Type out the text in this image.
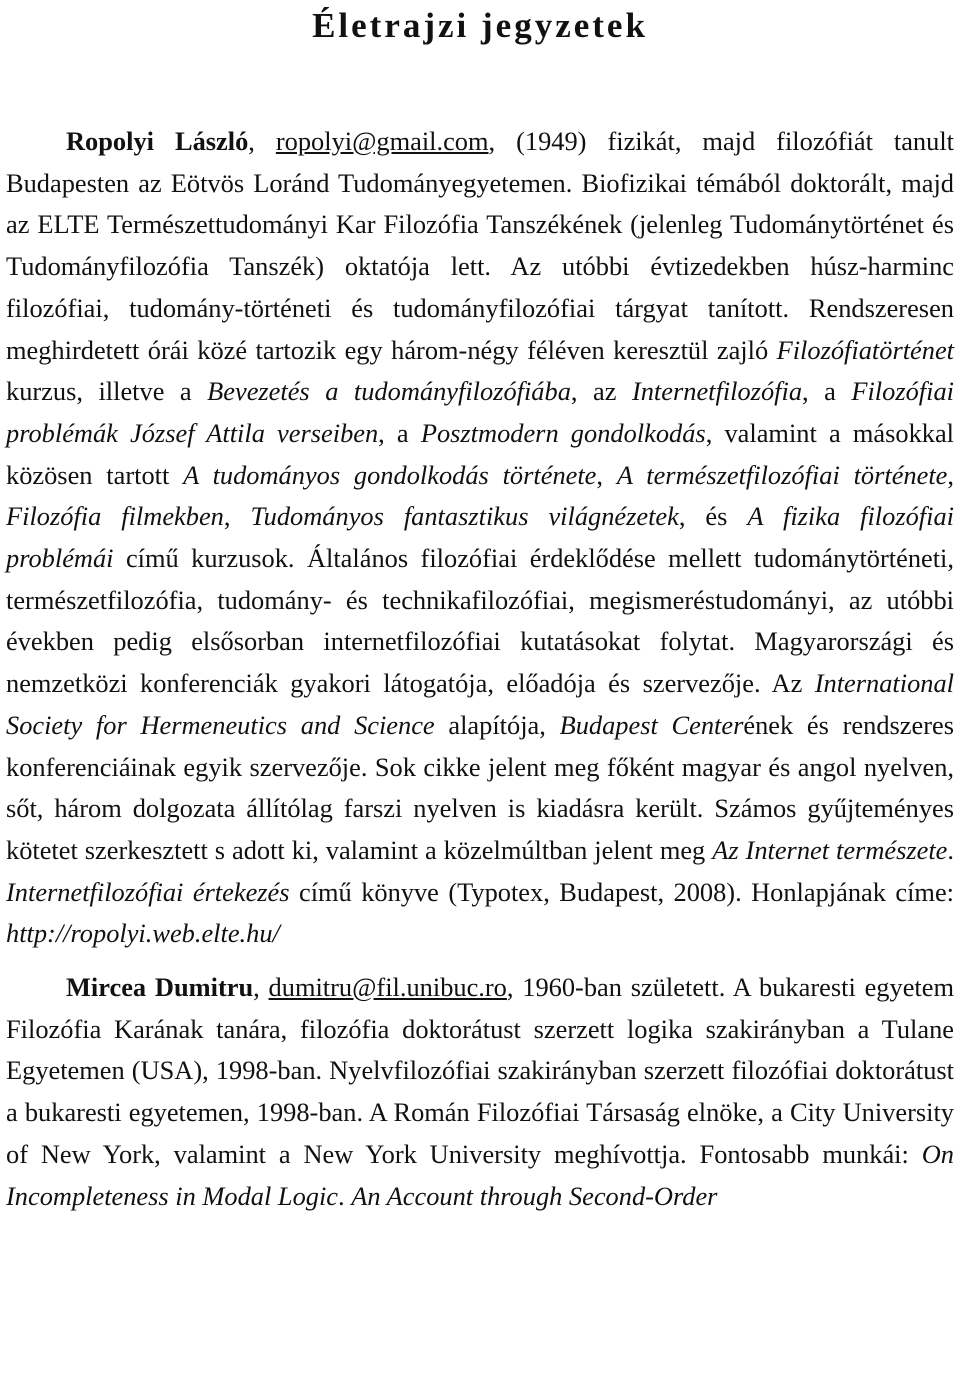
Életrajzi jegyzetek

Ropolyi László, ropolyi@gmail.com, (1949) fizikát, majd filozófiát tanult Budapesten az Eötvös Loránd Tudományegyetemen. Biofizikai témából doktorált, majd az ELTE Természettudományi Kar Filozófia Tanszékének (jelenleg Tudománytörténet és Tudományfilozófia Tanszék) oktatója lett. Az utóbbi évtizedekben húsz-harminc filozófiai, tudomány-történeti és tudományfilozófiai tárgyat tanított. Rendszeresen meghirdetett órái közé tartozik egy három-négy féléven keresztül zajló Filozófiatörténet kurzus, illetve a Bevezetés a tudományfilozófiába, az Internetfilozófia, a Filozófiai problémák József Attila verseiben, a Posztmodern gondolkodás, valamint a másokkal közösen tartott A tudományos gondolkodás története, A természetfilozófiai története, Filozófia filmekben, Tudományos fantasztikus világnézetek, és A fizika filozófiai problémái című kurzusok. Általános filozófiai érdeklődése mellett tudománytörténeti, természetfilozófia, tudomány- és technikafilozófiai, megismeréstudományi, az utóbbi években pedig elsősorban internetfilozófiai kutatásokat folytat. Magyarországi és nemzetközi konferenciák gyakori látogatója, előadója és szervezője. Az International Society for Hermeneutics and Science alapítója, Budapest Centerének és rendszeres konferenciáinak egyik szervezője. Sok cikke jelent meg főként magyar és angol nyelven, sőt, három dolgozata állítólag farszi nyelven is kiadásra került. Számos gyűjteményes kötetet szerkesztett s adott ki, valamint a közelmúltban jelent meg Az Internet természete. Internetfilozófiai értekezés című könyve (Typotex, Budapest, 2008). Honlapjának címe: http://ropolyi.web.elte.hu/

Mircea Dumitru, dumitru@fil.unibuc.ro, 1960-ban született. A bukaresti egyetem Filozófia Karának tanára, filozófia doktorátust szerzett logika szakirányban a Tulane Egyetemen (USA), 1998-ban. Nyelvfilozófiai szakirányban szerzett filozófiai doktorátust a bukaresti egyetemen, 1998-ban. A Román Filozófiai Társaság elnöke, a City University of New York, valamint a New York University meghívottja. Fontosabb munkái: On Incompleteness in Modal Logic. An Account through Second-Order
